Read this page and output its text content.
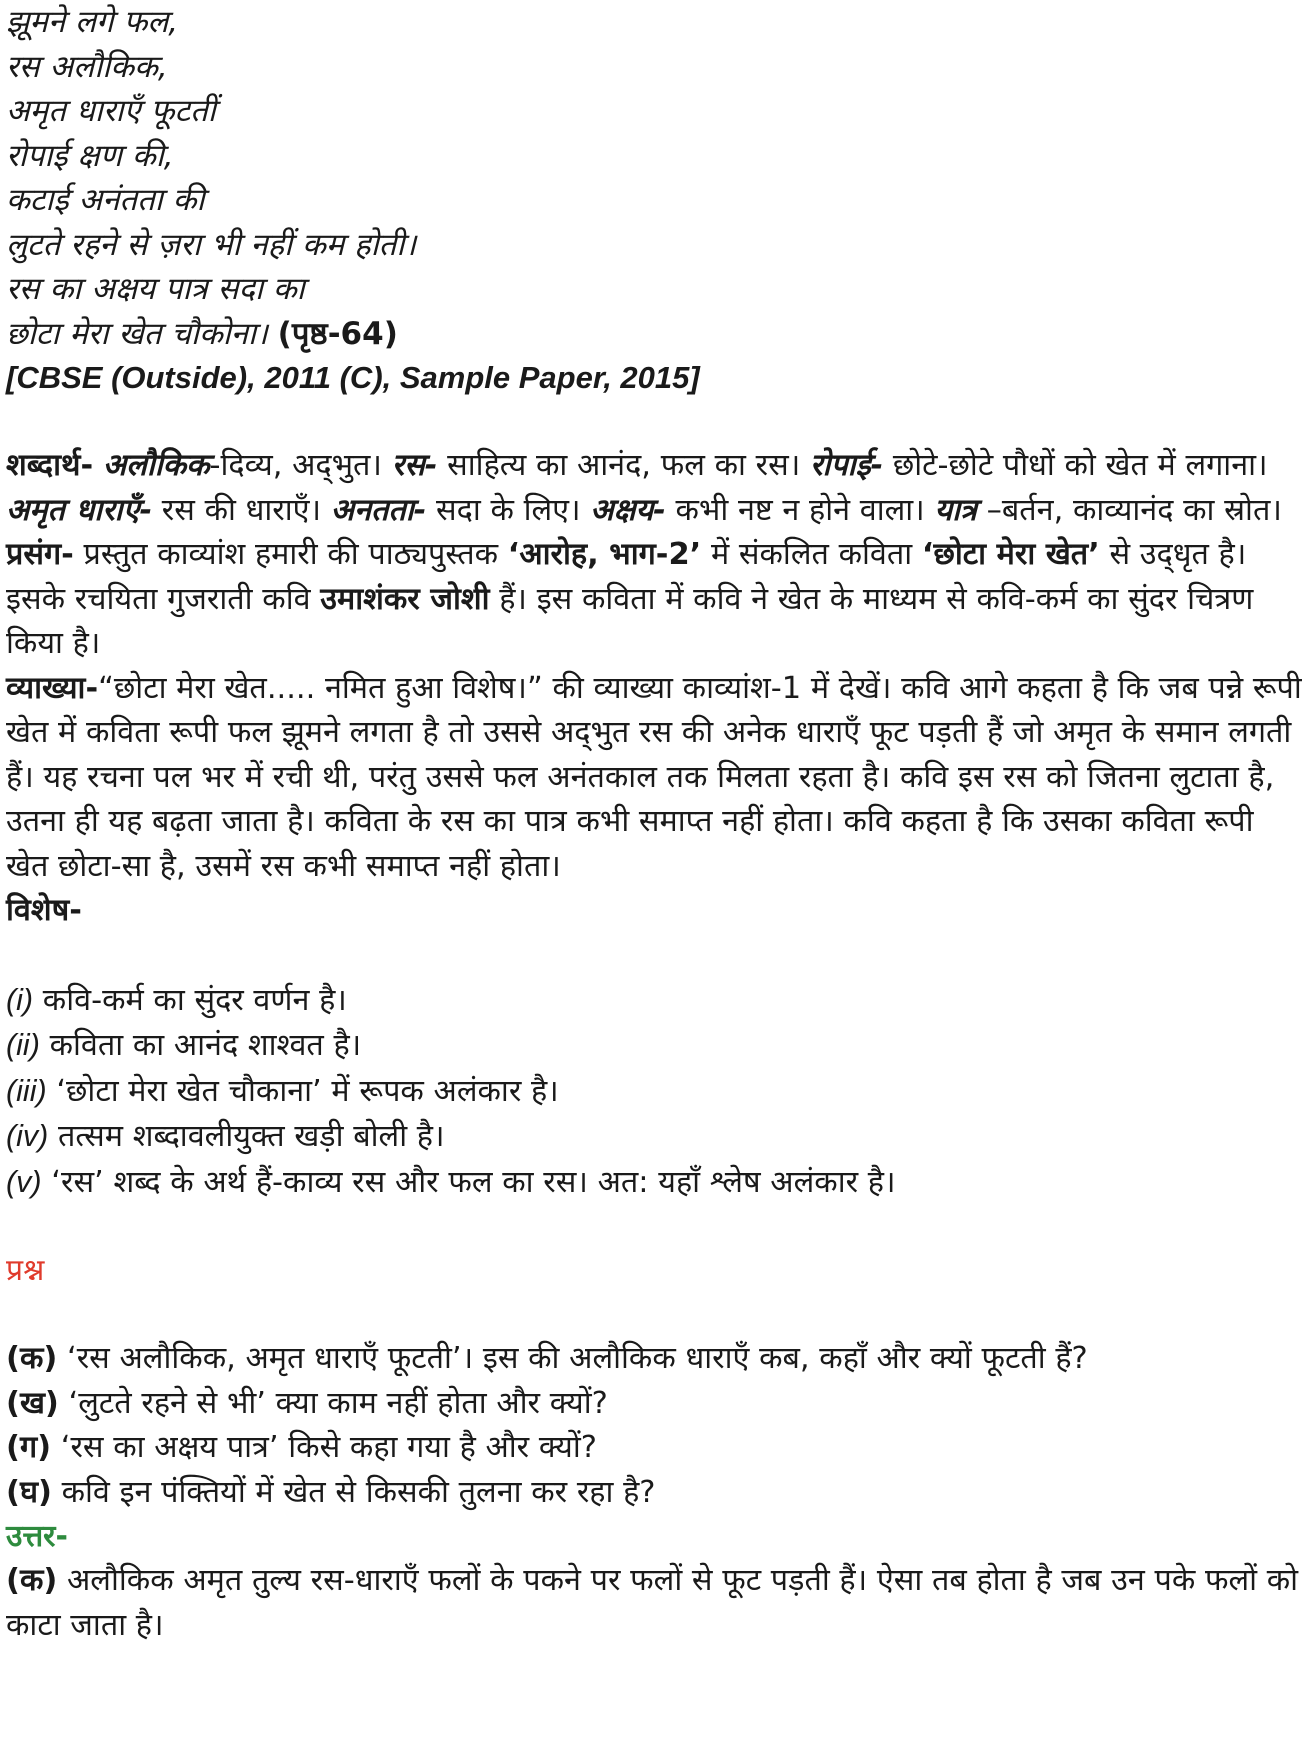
झूमने लगे फल,
रस अलौकिक,
अमृत धाराएँ फूटतीं
रोपाई क्षण की,
कटाई अनंतता की
लुटते रहने से ज़रा भी नहीं कम होती।
रस का अक्षय पात्र सदा का
छोटा मेरा खेत चौकोना। (पृष्ठ-64)
[CBSE (Outside), 2011 (C), Sample Paper, 2015]
शब्दार्थ- अलौकिक-दिव्य, अद्‌भुत। रस- साहित्य का आनंद, फल का रस। रोपाई- छोटे-छोटे पौधों को खेत में लगाना। अमृत धाराएँ- रस की धाराएँ। अनतता- सदा के लिए। अक्षय- कभी नष्ट न होने वाला। यात्र –बर्तन, काव्यानंद का स्रोत।
प्रसंग- प्रस्तुत काव्यांश हमारी की पाठ्यपुस्तक ‘आरोह, भाग-2’ में संकलित कविता ‘छोटा मेरा खेत’ से उद्‌धृत है। इसके रचयिता गुजराती कवि उमाशंकर जोशी हैं। इस कविता में कवि ने खेत के माध्यम से कवि-कर्म का सुंदर चित्रण किया है।
व्याख्या-“छोटा मेरा खेत..... नमित हुआ विशेष।” की व्याख्या काव्यांश-1 में देखें। कवि आगे कहता है कि जब पन्ने रूपी खेत में कविता रूपी फल झूमने लगता है तो उससे अद्‌भुत रस की अनेक धाराएँ फूट पड़ती हैं जो अमृत के समान लगती हैं। यह रचना पल भर में रची थी, परंतु उससे फल अनंतकाल तक मिलता रहता है। कवि इस रस को जितना लुटाता है, उतना ही यह बढ़ता जाता है। कविता के रस का पात्र कभी समाप्त नहीं होता। कवि कहता है कि उसका कविता रूपी खेत छोटा-सा है, उसमें रस कभी समाप्त नहीं होता।
विशेष-
(i) कवि-कर्म का सुंदर वर्णन है।
(ii) कविता का आनंद शाश्वत है।
(iii) ‘छोटा मेरा खेत चौकाना’ में रूपक अलंकार है।
(iv) तत्सम शब्दावलीयुक्त खड़ी बोली है।
(v) ‘रस’ शब्द के अर्थ हैं-काव्य रस और फल का रस। अत: यहाँ श्लेष अलंकार है।
प्रश्न
(क) ‘रस अलौकिक, अमृत धाराएँ फूटती’। इस की अलौकिक धाराएँ कब, कहाँ और क्यों फूटती हैं?
(ख) ‘लुटते रहने से भी’ क्या काम नहीं होता और क्यों?
(ग) ‘रस का अक्षय पात्र’ किसे कहा गया है और क्यों?
(घ) कवि इन पंक्तियों में खेत से किसकी तुलना कर रहा है?
उत्तर-
(क) अलौकिक अमृत तुल्य रस-धाराएँ फलों के पकने पर फलों से फूट पड़ती हैं। ऐसा तब होता है जब उन पके फलों को काटा जाता है।
